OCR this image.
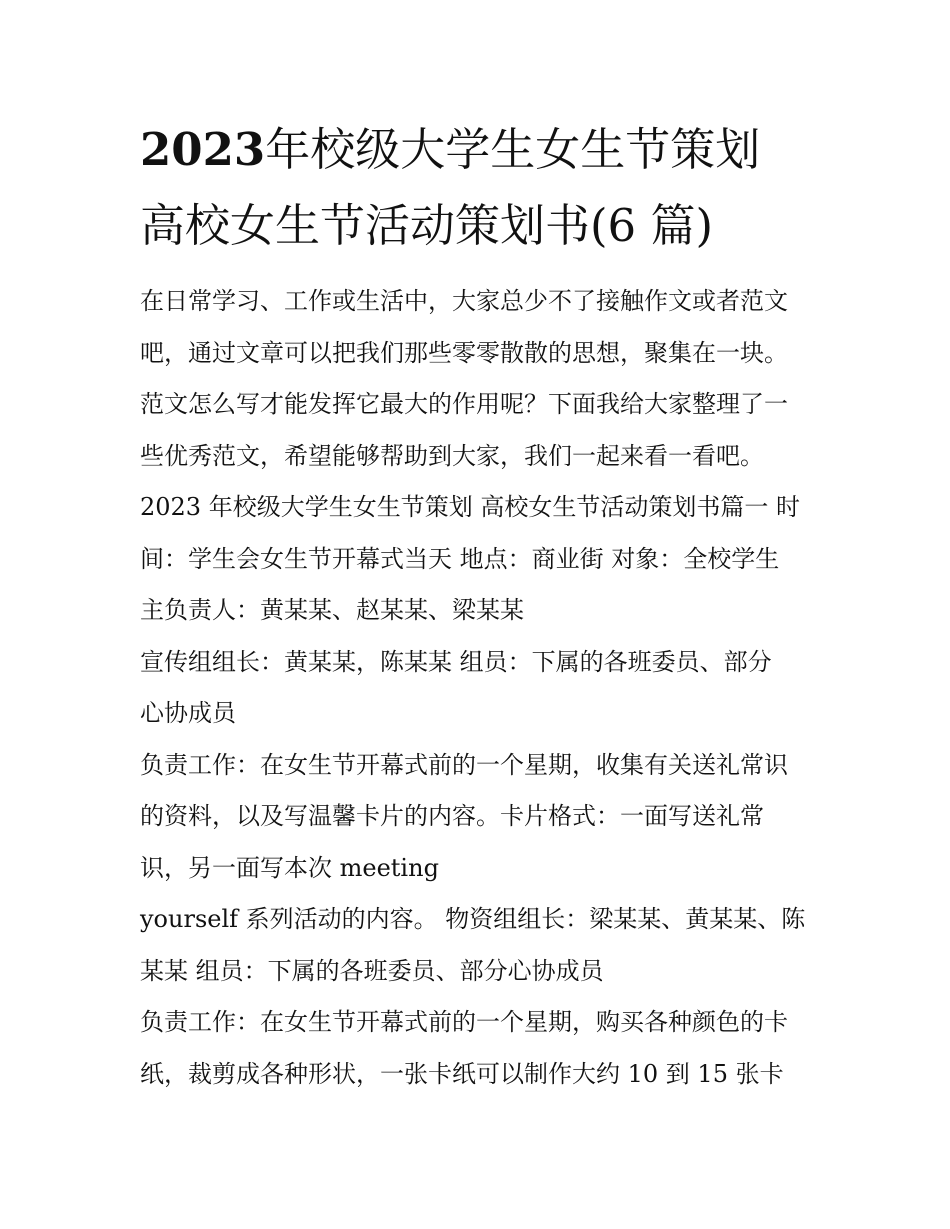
2023年校级大学生女生节策划
高校女生节活动策划书(6 篇)
在日常学习、工作或生活中，大家总少不了接触作文或者范文
吧，通过文章可以把我们那些零零散散的思想，聚集在一块。
范文怎么写才能发挥它最大的作用呢？下面我给大家整理了一
些优秀范文，希望能够帮助到大家，我们一起来看一看吧。
2023 年校级大学生女生节策划 高校女生节活动策划书篇一 时
间：学生会女生节开幕式当天 地点：商业街 对象：全校学生
主负责人：黄某某、赵某某、梁某某
宣传组组长：黄某某，陈某某 组员：下属的各班委员、部分
心协成员
负责工作：在女生节开幕式前的一个星期，收集有关送礼常识
的资料，以及写温馨卡片的内容。卡片格式：一面写送礼常
识，另一面写本次 meeting
yourself 系列活动的内容。 物资组组长：梁某某、黄某某、陈
某某 组员：下属的各班委员、部分心协成员
负责工作：在女生节开幕式前的一个星期，购买各种颜色的卡
纸，裁剪成各种形状，一张卡纸可以制作大约 10 到 15 张卡
